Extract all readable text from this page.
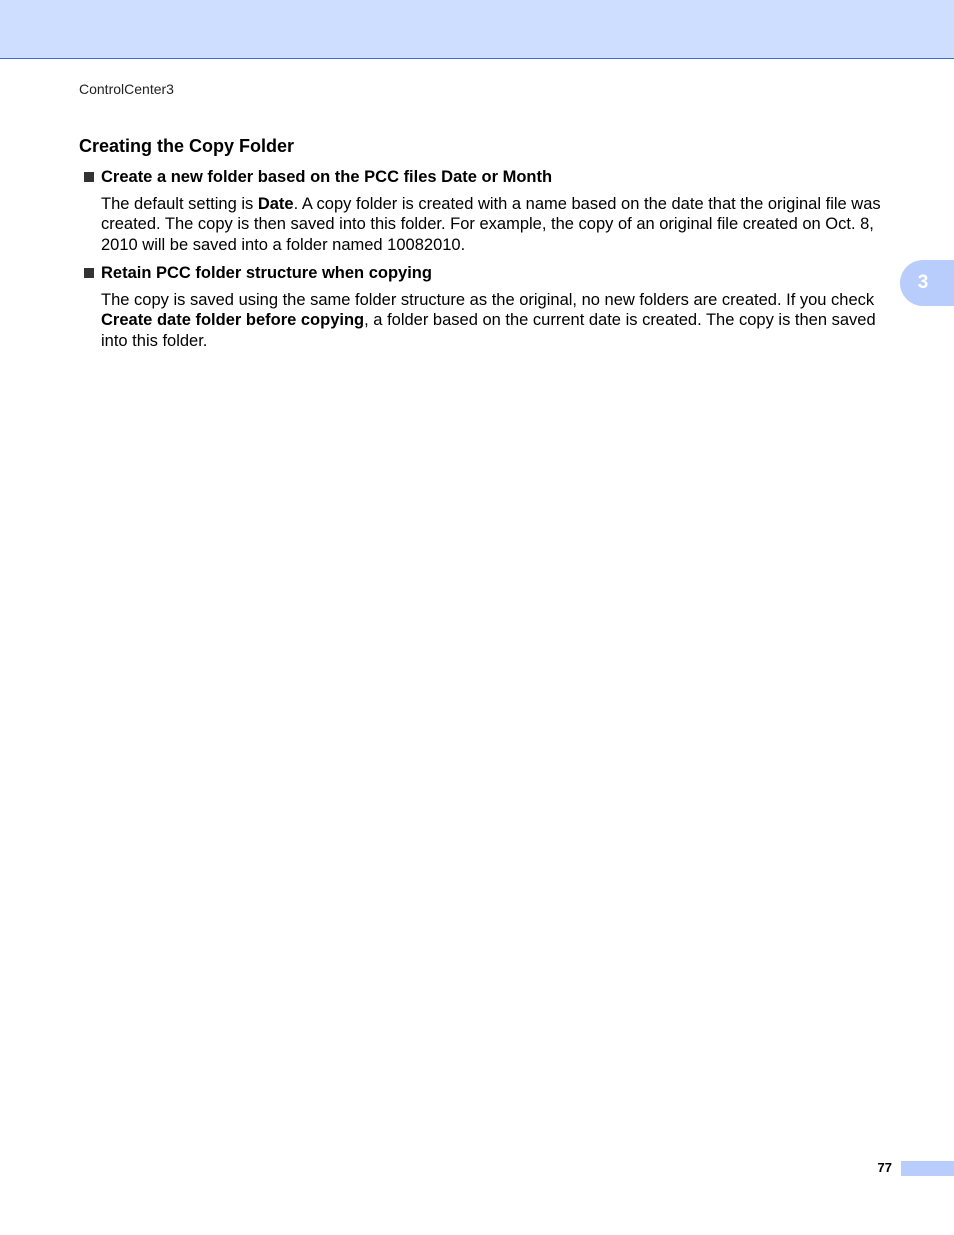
ControlCenter3
Creating the Copy Folder
Create a new folder based on the PCC files Date or Month

The default setting is Date. A copy folder is created with a name based on the date that the original file was created. The copy is then saved into this folder. For example, the copy of an original file created on Oct. 8, 2010 will be saved into a folder named 10082010.

Retain PCC folder structure when copying

The copy is saved using the same folder structure as the original, no new folders are created. If you check Create date folder before copying, a folder based on the current date is created. The copy is then saved into this folder.

3
77
